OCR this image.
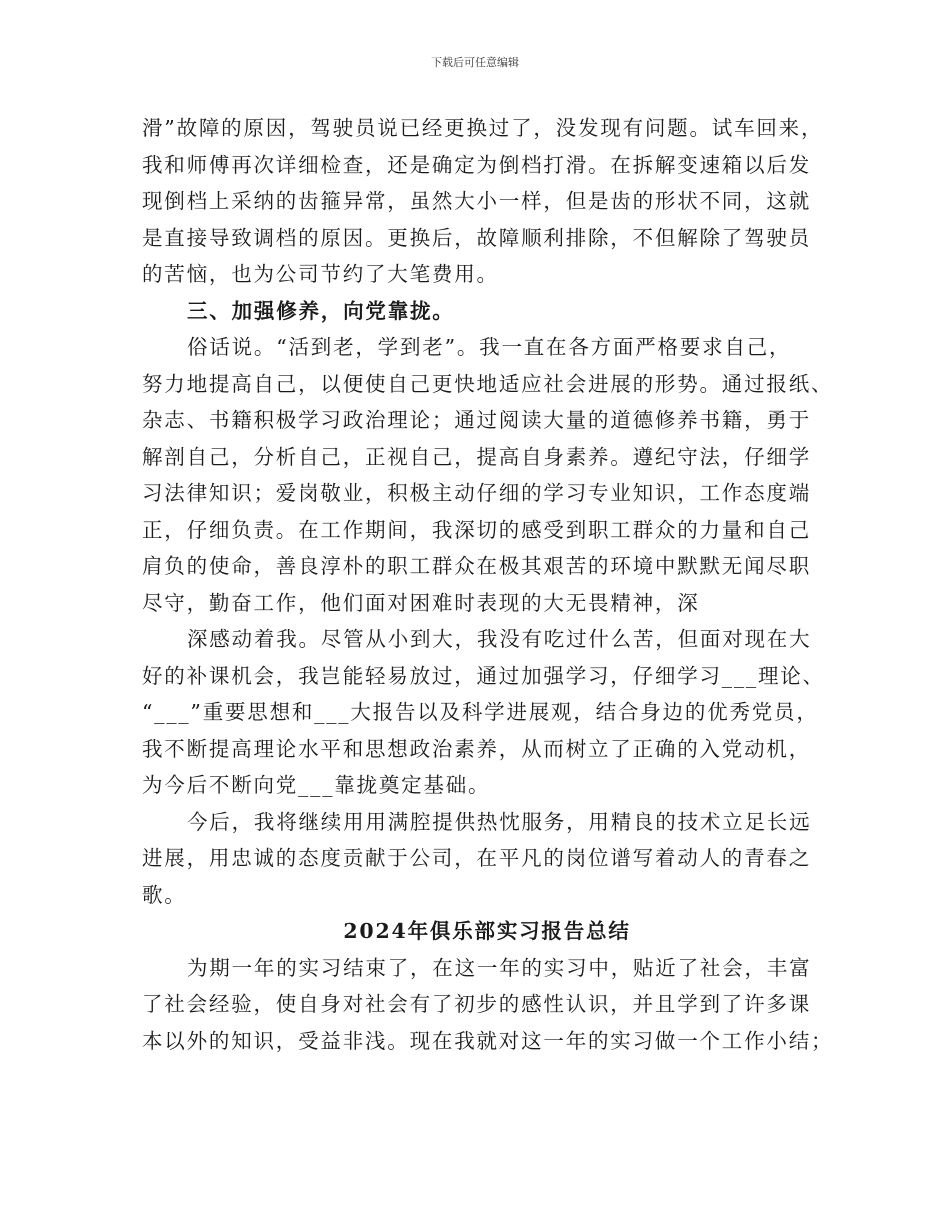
下载后可任意编辑
滑”故障的原因，驾驶员说已经更换过了，没发现有问题。试车回来，
我和师傅再次详细检查，还是确定为倒档打滑。在拆解变速箱以后发
现倒档上采纳的齿箍异常，虽然大小一样，但是齿的形状不同，这就
是直接导致调档的原因。更换后，故障顺利排除，不但解除了驾驶员
的苦恼，也为公司节约了大笔费用。
三、加强修养，向党靠拢。
俗话说。“活到老，学到老”。我一直在各方面严格要求自己，
努力地提高自己，以便使自己更快地适应社会进展的形势。通过报纸、
杂志、书籍积极学习政治理论；通过阅读大量的道德修养书籍，勇于
解剖自己，分析自己，正视自己，提高自身素养。遵纪守法，仔细学
习法律知识；爱岗敬业，积极主动仔细的学习专业知识，工作态度端
正，仔细负责。在工作期间，我深切的感受到职工群众的力量和自己
肩负的使命，善良淳朴的职工群众在极其艰苦的环境中默默无闻尽职
尽守，勤奋工作，他们面对困难时表现的大无畏精神，深
深感动着我。尽管从小到大，我没有吃过什么苦，但面对现在大
好的补课机会，我岂能轻易放过，通过加强学习，仔细学习___理论、
“___”重要思想和___大报告以及科学进展观，结合身边的优秀党员，
我不断提高理论水平和思想政治素养，从而树立了正确的入党动机，
为今后不断向党___靠拢奠定基础。
今后，我将继续用用满腔提供热忱服务，用精良的技术立足长远
进展，用忠诚的态度贡献于公司，在平凡的岗位谱写着动人的青春之
歌。
2024年俱乐部实习报告总结
为期一年的实习结束了，在这一年的实习中，贴近了社会，丰富
了社会经验，使自身对社会有了初步的感性认识，并且学到了许多课
本以外的知识，受益非浅。现在我就对这一年的实习做一个工作小结；
